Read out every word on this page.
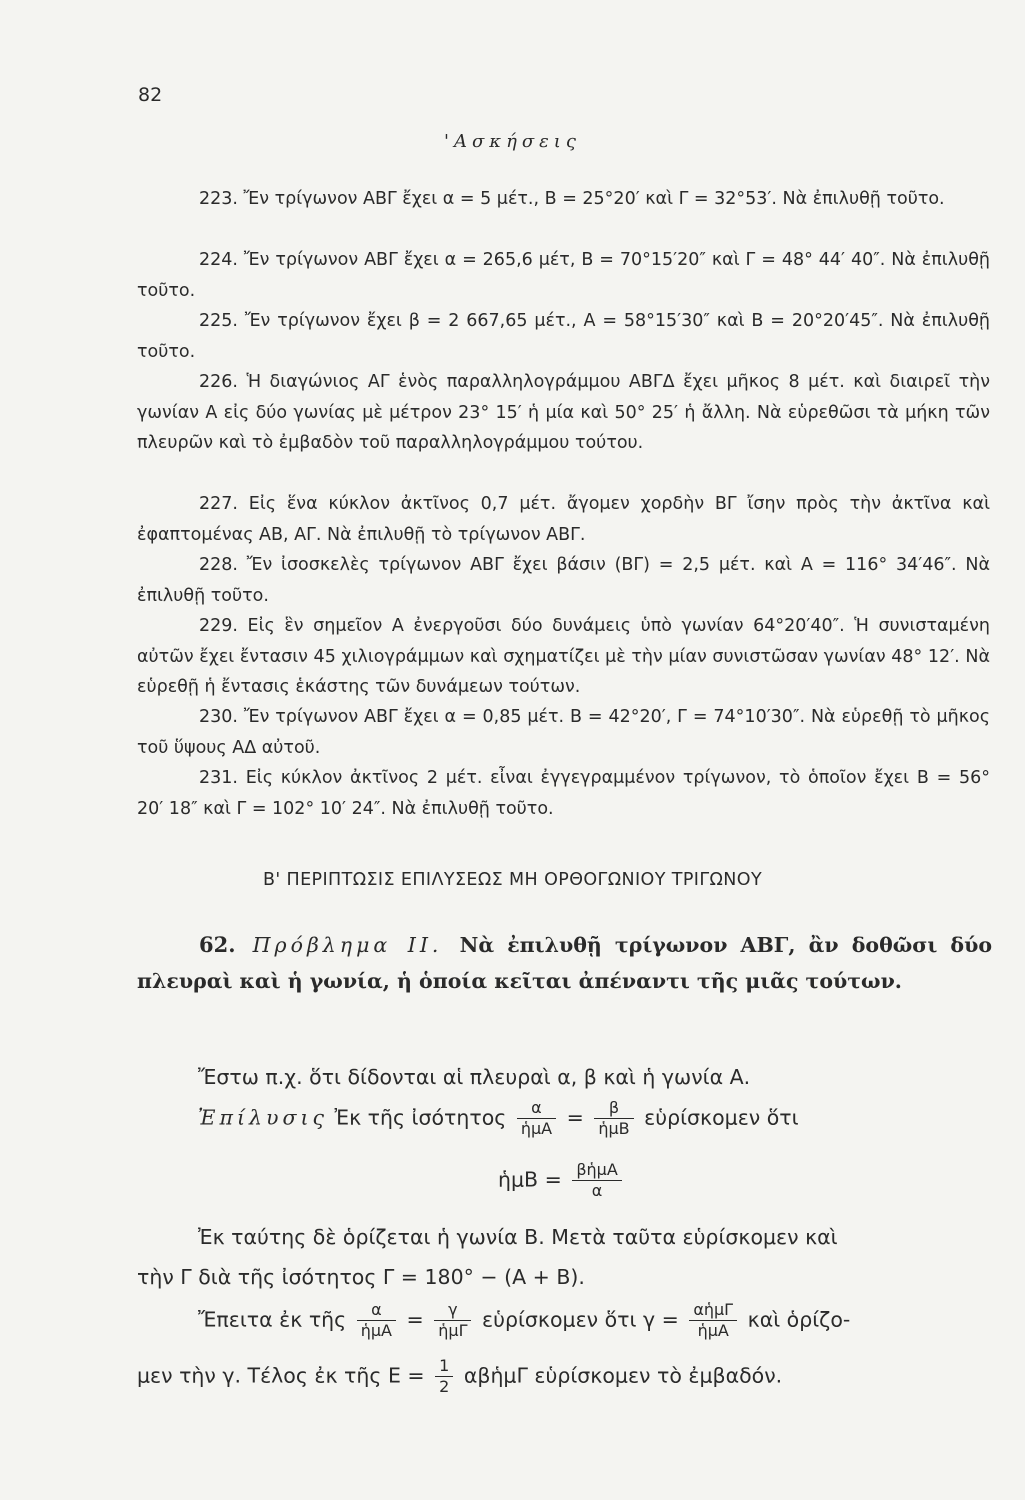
82
'Ασκήσεις
223. Ἔν τρίγωνον ΑΒΓ ἔχει α = 5 μέτ., Β = 25°20′ καὶ Γ = 32°53′. Νὰ ἐπιλυθῇ τοῦτο.
224. Ἔν τρίγωνον ΑΒΓ ἔχει α = 265,6 μέτ, Β = 70°15′20″ καὶ Γ = 48° 44′ 40″. Νὰ ἐπιλυθῇ τοῦτο.
225. Ἔν τρίγωνον ἔχει β = 2 667,65 μέτ., Α = 58°15′30″ καὶ Β = 20°20′45″. Νὰ ἐπιλυθῇ τοῦτο.
226. Ἡ διαγώνιος ΑΓ ἑνὸς παραλληλογράμμου ΑΒΓΔ ἔχει μῆκος 8 μέτ. καὶ διαιρεῖ τὴν γωνίαν Α εἰς δύο γωνίας μὲ μέτρον 23° 15′ ἡ μία καὶ 50° 25′ ἡ ἄλλη. Νὰ εὑρεθῶσι τὰ μήκη τῶν πλευρῶν καὶ τὸ ἐμβαδὸν τοῦ παραλληλογράμμου τούτου.
227. Εἰς ἕνα κύκλον ἀκτῖνος 0,7 μέτ. ἄγομεν χορδὴν ΒΓ ἴσην πρὸς τὴν ἀκτῖνα καὶ ἐφαπτομένας ΑΒ, ΑΓ. Νὰ ἐπιλυθῇ τὸ τρίγωνον ΑΒΓ.
228. Ἔν ἰσοσκελὲς τρίγωνον ΑΒΓ ἔχει βάσιν (ΒΓ) = 2,5 μέτ. καὶ Α = 116° 34′46″. Νὰ ἐπιλυθῇ τοῦτο.
229. Εἰς ἓν σημεῖον Α ἐνεργοῦσι δύο δυνάμεις ὑπὸ γωνίαν 64°20′40″. Ἡ συνισταμένη αὐτῶν ἔχει ἔντασιν 45 χιλιογράμμων καὶ σχηματίζει μὲ τὴν μίαν συνιστῶσαν γωνίαν 48° 12′. Νὰ εὑρεθῇ ἡ ἔντασις ἑκάστης τῶν δυνάμεων τούτων.
230. Ἔν τρίγωνον ΑΒΓ ἔχει α = 0,85 μέτ. Β = 42°20′, Γ = 74°10′30″. Νὰ εὑρεθῇ τὸ μῆκος τοῦ ὕψους ΑΔ αὐτοῦ.
231. Εἰς κύκλον ἀκτῖνος 2 μέτ. εἶναι ἐγγεγραμμένον τρίγωνον, τὸ ὁποῖον ἔχει Β = 56° 20′ 18″ καὶ Γ = 102° 10′ 24″. Νὰ ἐπιλυθῇ τοῦτο.
Β' ΠΕΡΙΠΤΩΣΙΣ ΕΠΙΛΥΣΕΩΣ ΜΗ ΟΡΘΟΓΩΝΙΟΥ ΤΡΙΓΩΝΟΥ
62. Πρόβλημα ΙΙ. Νὰ ἐπιλυθῇ τρίγωνον ΑΒΓ, ἂν δοθῶσι δύο πλευραὶ καὶ ἡ γωνία, ἡ ὁποία κεῖται ἀπέναντι τῆς μιᾶς τούτων.
Ἔστω π.χ. ὅτι δίδονται αἱ πλευραὶ α, β καὶ ἡ γωνία Α.
Ἐπίλυσις Ἐκ τῆς ἰσότητος $\frac{\alpha}{\text{ἡμΑ}} = \frac{\beta}{\text{ἡμΒ}}$ εὑρίσκομεν ὅτι
ἡμΒ = $\frac{\text{βἡμΑ}}{\alpha}$
Ἐκ ταύτης δὲ ὁρίζεται ἡ γωνία Β. Μετὰ ταῦτα εὑρίσκομεν καὶ
τὴν Γ διὰ τῆς ἰσότητος Γ = 180° − (Α + Β).
Ἔπειτα ἐκ τῆς $\frac{\alpha}{\text{ἡμΑ}} = \frac{\gamma}{\text{ἡμΓ}}$ εὑρίσκομεν ὅτι $\gamma = \frac{\text{αἡμΓ}}{\text{ἡμΑ}}$ καὶ ὁρίζο-
μεν τὴν γ. Τέλος ἐκ τῆς $E = \frac{1}{2}$ αβἡμΓ εὑρίσκομεν τὸ ἐμβαδόν.
